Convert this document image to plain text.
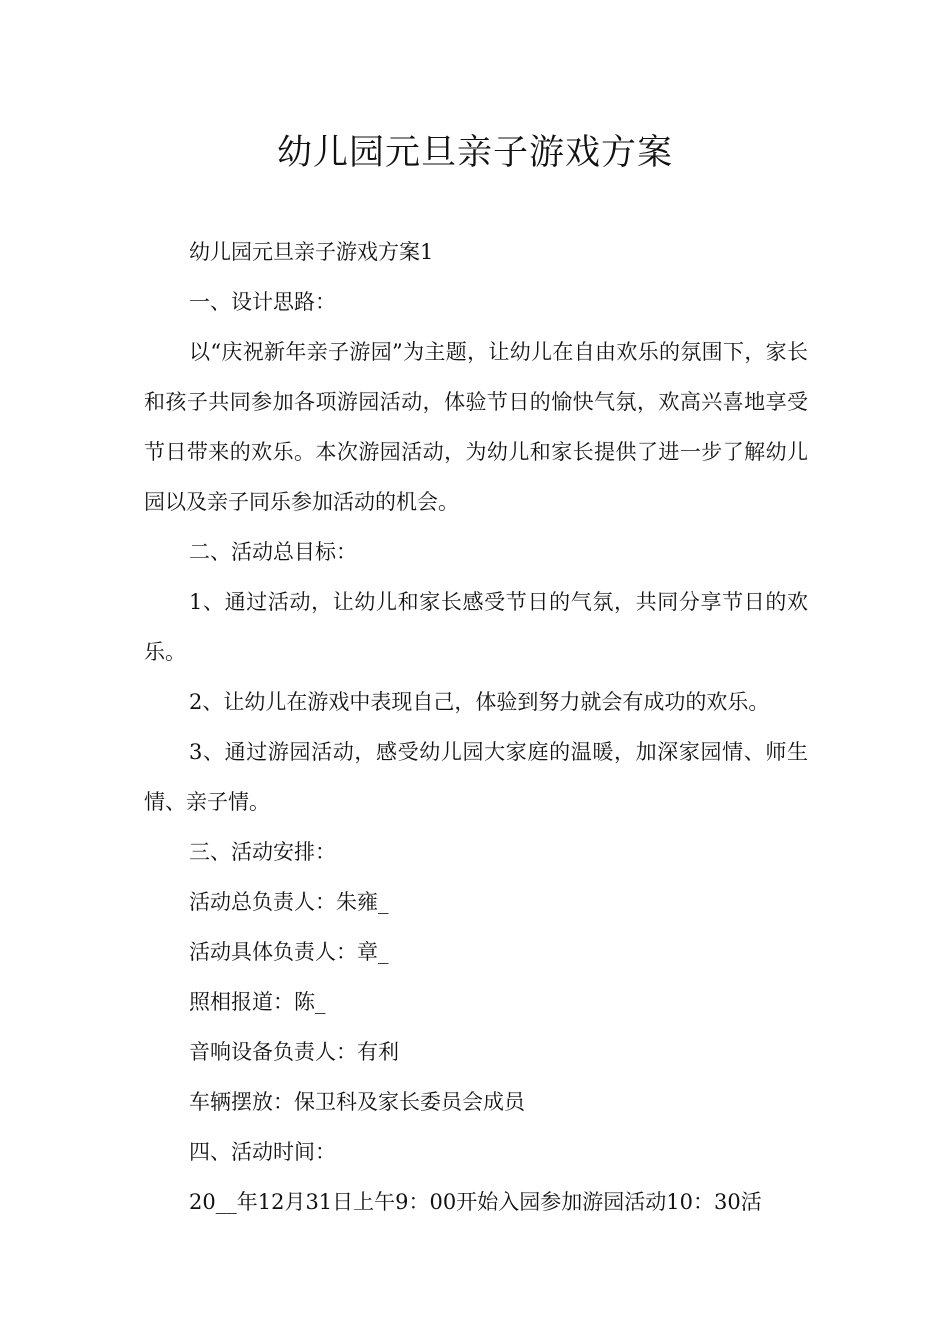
幼儿园元旦亲子游戏方案

幼儿园元旦亲子游戏方案1

一、设计思路：

以“庆祝新年亲子游园”为主题，让幼儿在自由欢乐的氛围下，家长和孩子共同参加各项游园活动，体验节日的愉快气氛，欢高兴喜地享受节日带来的欢乐。本次游园活动，为幼儿和家长提供了进一步了解幼儿园以及亲子同乐参加活动的机会。

二、活动总目标：

1、通过活动，让幼儿和家长感受节日的气氛，共同分享节日的欢乐。

2、让幼儿在游戏中表现自己，体验到努力就会有成功的欢乐。

3、通过游园活动，感受幼儿园大家庭的温暖，加深家园情、师生情、亲子情。

三、活动安排：

活动总负责人：朱雍_

活动具体负责人：章_

照相报道：陈_

音响设备负责人：有利

车辆摆放：保卫科及家长委员会成员

四、活动时间：

20__年12月31日上午9：00开始入园参加游园活动10：30活
